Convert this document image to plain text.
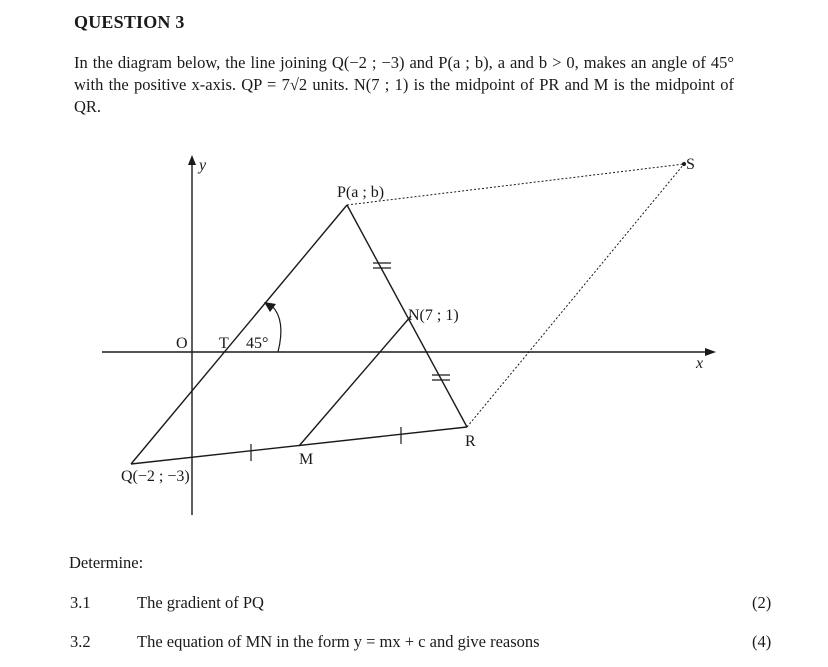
QUESTION 3

In the diagram below, the line joining Q(−2 ; −3) and P(a ; b), a and b > 0, makes an angle of 45° with the positive x-axis. QP = 7√2 units. N(7 ; 1) is the midpoint of PR and M is the midpoint of QR.

y
x
O T 45°
P(a ; b)
S
N(7 ; 1)
R
M
Q(−2 ; −3)
Determine:
3.1	The gradient of PQ	(2)
3.2	The equation of MN in the form y = mx + c and give reasons	(4)
